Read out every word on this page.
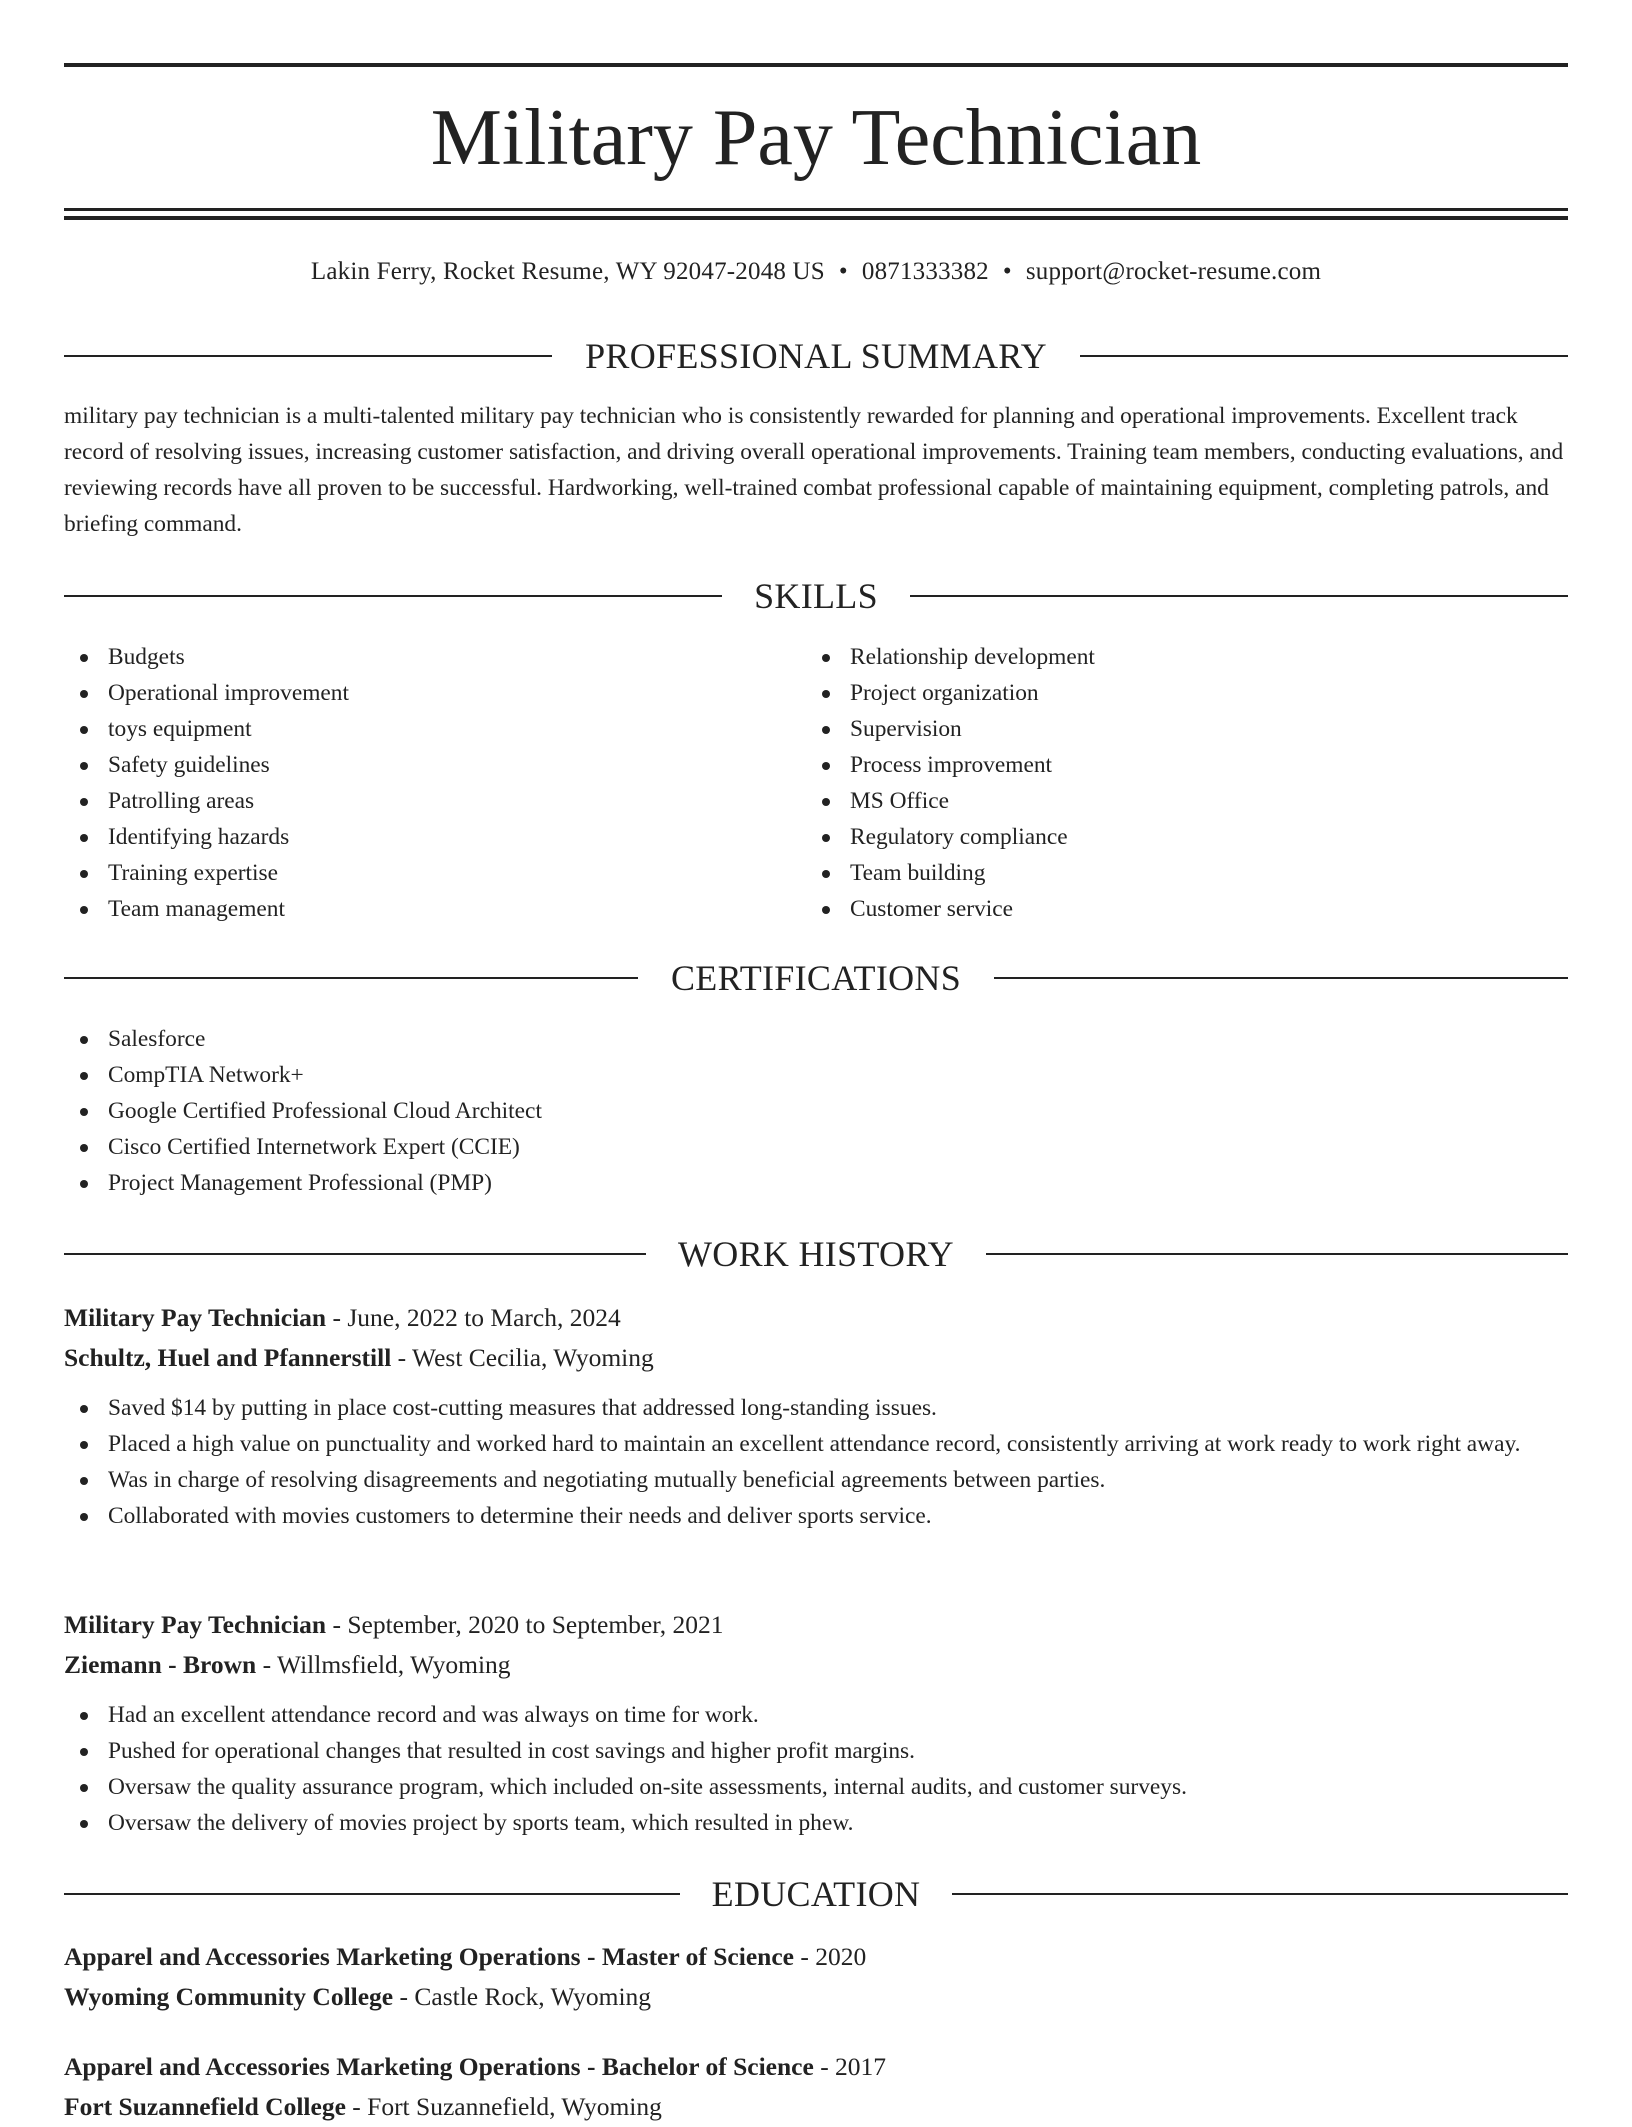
Military Pay Technician
Lakin Ferry, Rocket Resume, WY 92047-2048 US • 0871333382 • support@rocket-resume.com
PROFESSIONAL SUMMARY

military pay technician is a multi-talented military pay technician who is consistently rewarded for planning and operational improvements. Excellent track record of resolving issues, increasing customer satisfaction, and driving overall operational improvements. Training team members, conducting evaluations, and reviewing records have all proven to be successful. Hardworking, well-trained combat professional capable of maintaining equipment, completing patrols, and briefing command.

SKILLS
Budgets
Operational improvement
toys equipment
Safety guidelines
Patrolling areas
Identifying hazards
Training expertise
Team management
Relationship development
Project organization
Supervision
Process improvement
MS Office
Regulatory compliance
Team building
Customer service
CERTIFICATIONS
Salesforce
CompTIA Network+
Google Certified Professional Cloud Architect
Cisco Certified Internetwork Expert (CCIE)
Project Management Professional (PMP)
WORK HISTORY
Military Pay Technician - June, 2022 to March, 2024
Schultz, Huel and Pfannerstill - West Cecilia, Wyoming
Saved $14 by putting in place cost-cutting measures that addressed long-standing issues.
Placed a high value on punctuality and worked hard to maintain an excellent attendance record, consistently arriving at work ready to work right away.
Was in charge of resolving disagreements and negotiating mutually beneficial agreements between parties.
Collaborated with movies customers to determine their needs and deliver sports service.
Military Pay Technician - September, 2020 to September, 2021
Ziemann - Brown - Willmsfield, Wyoming
Had an excellent attendance record and was always on time for work.
Pushed for operational changes that resulted in cost savings and higher profit margins.
Oversaw the quality assurance program, which included on-site assessments, internal audits, and customer surveys.
Oversaw the delivery of movies project by sports team, which resulted in phew.
EDUCATION
Apparel and Accessories Marketing Operations - Master of Science - 2020
Wyoming Community College - Castle Rock, Wyoming
Apparel and Accessories Marketing Operations - Bachelor of Science - 2017
Fort Suzannefield College - Fort Suzannefield, Wyoming
